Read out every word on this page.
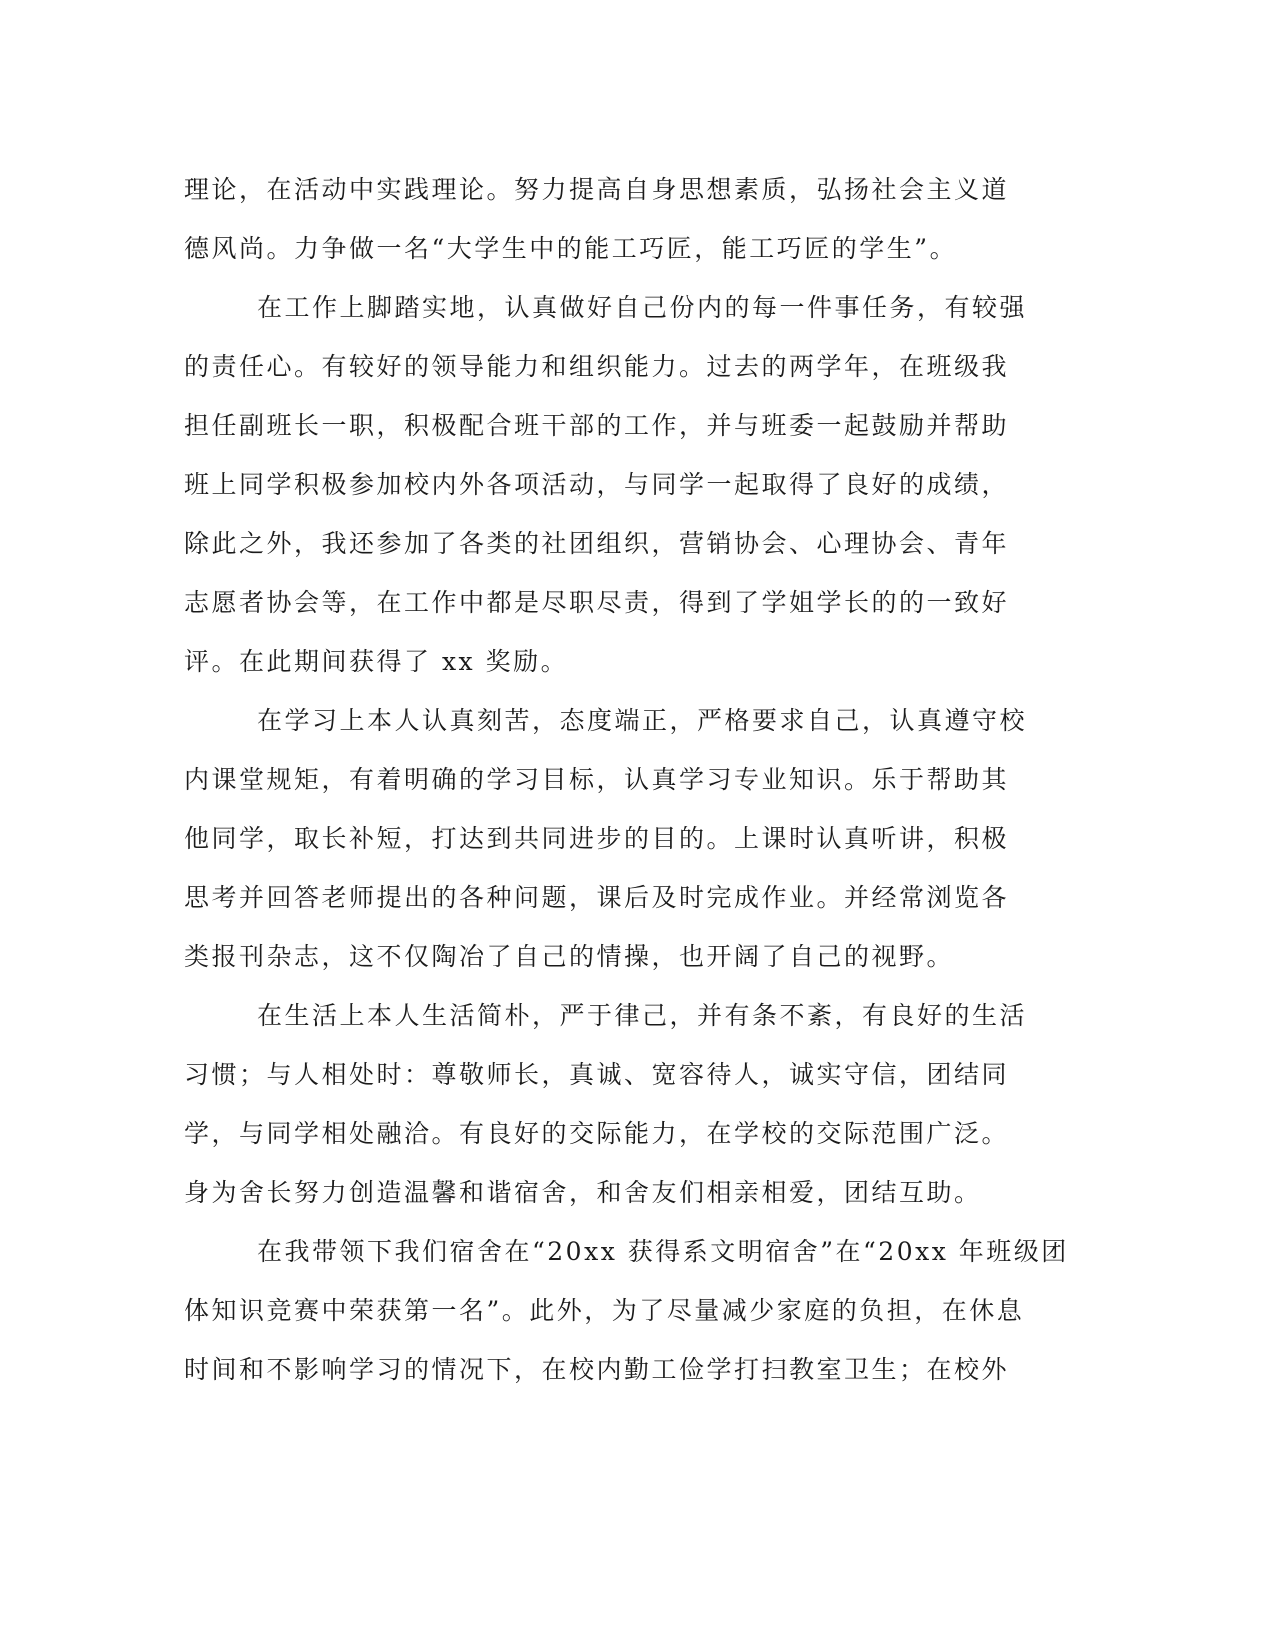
理论，在活动中实践理论。努力提高自身思想素质，弘扬社会主义道
德风尚。力争做一名“大学生中的能工巧匠，能工巧匠的学生”。
在工作上脚踏实地，认真做好自己份内的每一件事任务，有较强
的责任心。有较好的领导能力和组织能力。过去的两学年，在班级我
担任副班长一职，积极配合班干部的工作，并与班委一起鼓励并帮助
班上同学积极参加校内外各项活动，与同学一起取得了良好的成绩，
除此之外，我还参加了各类的社团组织，营销协会、心理协会、青年
志愿者协会等，在工作中都是尽职尽责，得到了学姐学长的的一致好
评。在此期间获得了 xx 奖励。
在学习上本人认真刻苦，态度端正，严格要求自己，认真遵守校
内课堂规矩，有着明确的学习目标，认真学习专业知识。乐于帮助其
他同学，取长补短，打达到共同进步的目的。上课时认真听讲，积极
思考并回答老师提出的各种问题，课后及时完成作业。并经常浏览各
类报刊杂志，这不仅陶冶了自己的情操，也开阔了自己的视野。
在生活上本人生活简朴，严于律己，并有条不紊，有良好的生活
习惯；与人相处时：尊敬师长，真诚、宽容待人，诚实守信，团结同
学，与同学相处融洽。有良好的交际能力，在学校的交际范围广泛。
身为舍长努力创造温馨和谐宿舍，和舍友们相亲相爱，团结互助。
在我带领下我们宿舍在“20xx 获得系文明宿舍”在“20xx 年班级团
体知识竞赛中荣获第一名”。此外，为了尽量减少家庭的负担，在休息
时间和不影响学习的情况下，在校内勤工俭学打扫教室卫生；在校外
